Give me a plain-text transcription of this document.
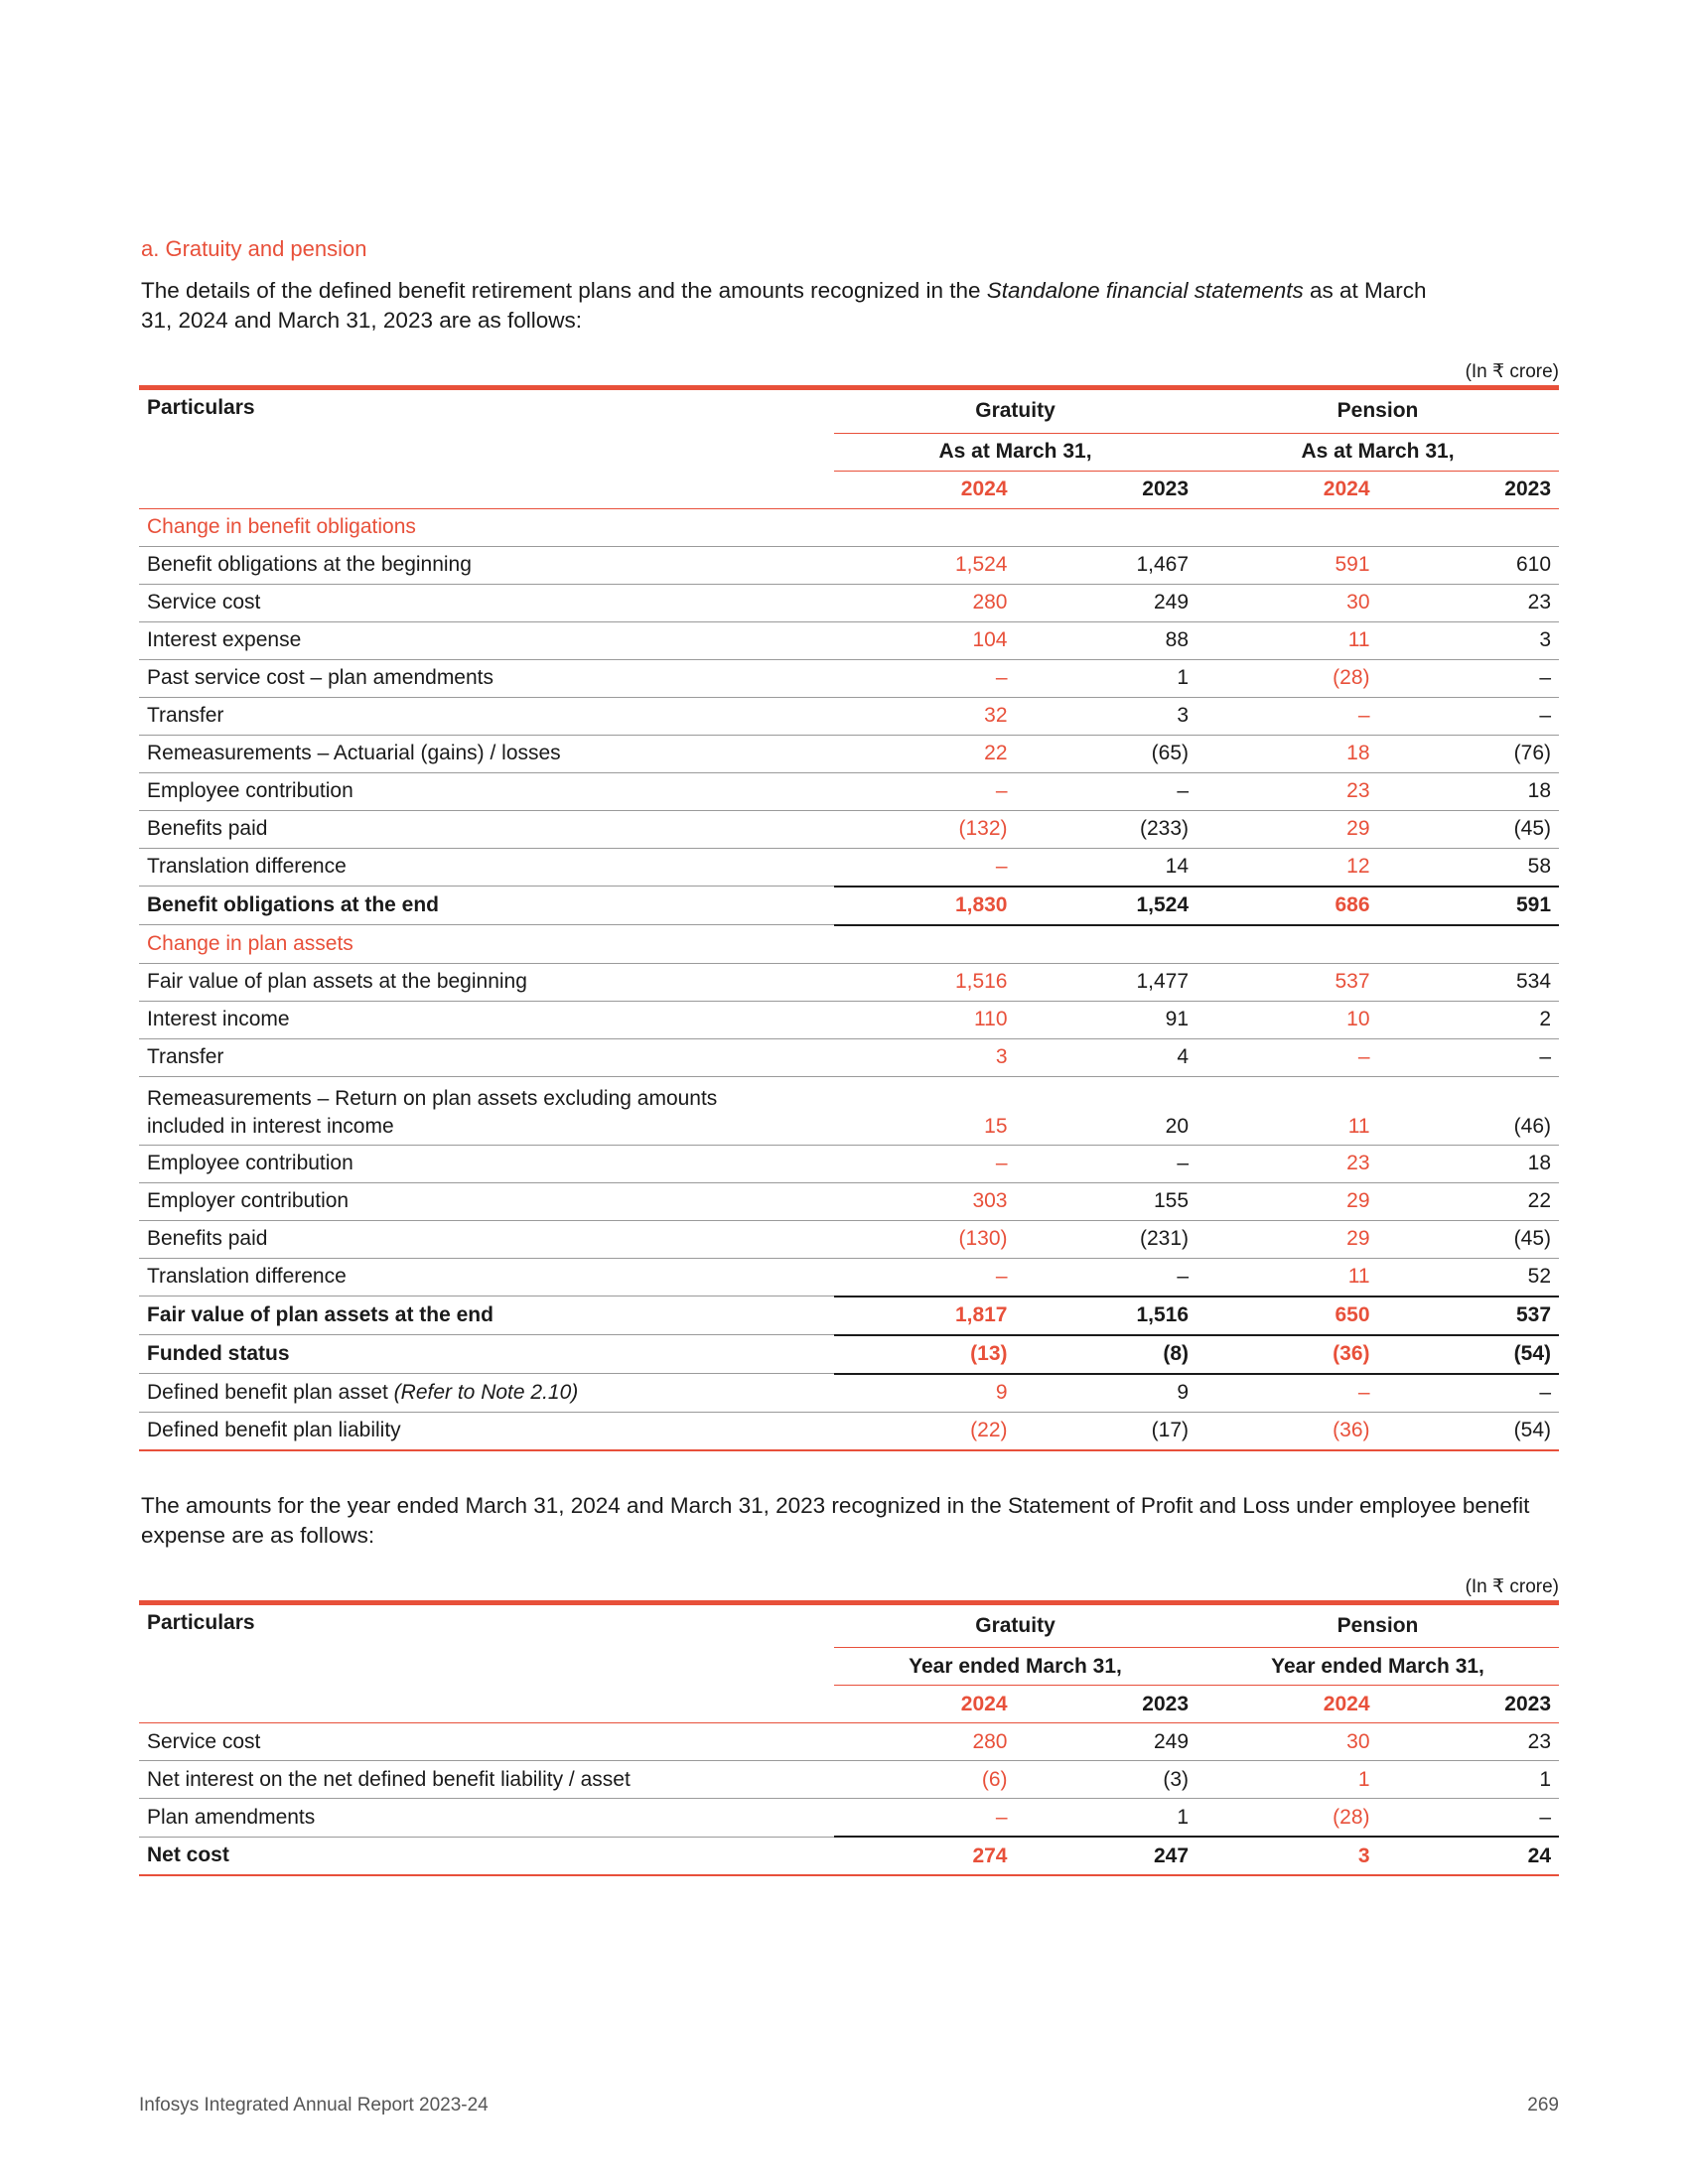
a. Gratuity and pension
The details of the defined benefit retirement plans and the amounts recognized in the Standalone financial statements as at March 31, 2024 and March 31, 2023 are as follows:
(In ₹ crore)
Particulars	Gratuity		Pension	
	As at March 31,		As at March 31,	
	2024	2023	2024	2023
Change in benefit obligations				
Benefit obligations at the beginning	1,524	1,467	591	610
Service cost	280	249	30	23
Interest expense	104	88	11	3
Past service cost – plan amendments	–	1	(28)	–
Transfer	32	3	–	–
Remeasurements – Actuarial (gains) / losses	22	(65)	18	(76)
Employee contribution	–	–	23	18
Benefits paid	(132)	(233)	29	(45)
Translation difference	–	14	12	58
Benefit obligations at the end	1,830	1,524	686	591
Change in plan assets				
Fair value of plan assets at the beginning	1,516	1,477	537	534
Interest income	110	91	10	2
Transfer	3	4	–	–
Remeasurements – Return on plan assets excluding amounts
included in interest income	15	20	11	(46)
Employee contribution	–	–	23	18
Employer contribution	303	155	29	22
Benefits paid	(130)	(231)	29	(45)
Translation difference	–	–	11	52
Fair value of plan assets at the end	1,817	1,516	650	537
Funded status	(13)	(8)	(36)	(54)
Defined benefit plan asset (Refer to Note 2.10)	9	9	–	–
Defined benefit plan liability	(22)	(17)	(36)	(54)
The amounts for the year ended March 31, 2024 and March 31, 2023 recognized in the Statement of Profit and Loss under employee benefit expense are as follows:
(In ₹ crore)
Particulars	Gratuity		Pension	
	Year ended March 31,		Year ended March 31,	
	2024	2023	2024	2023
Service cost	280	249	30	23
Net interest on the net defined benefit liability / asset	(6)	(3)	1	1
Plan amendments	–	1	(28)	–
Net cost	274	247	3	24
Infosys Integrated Annual Report 2023-24	269
